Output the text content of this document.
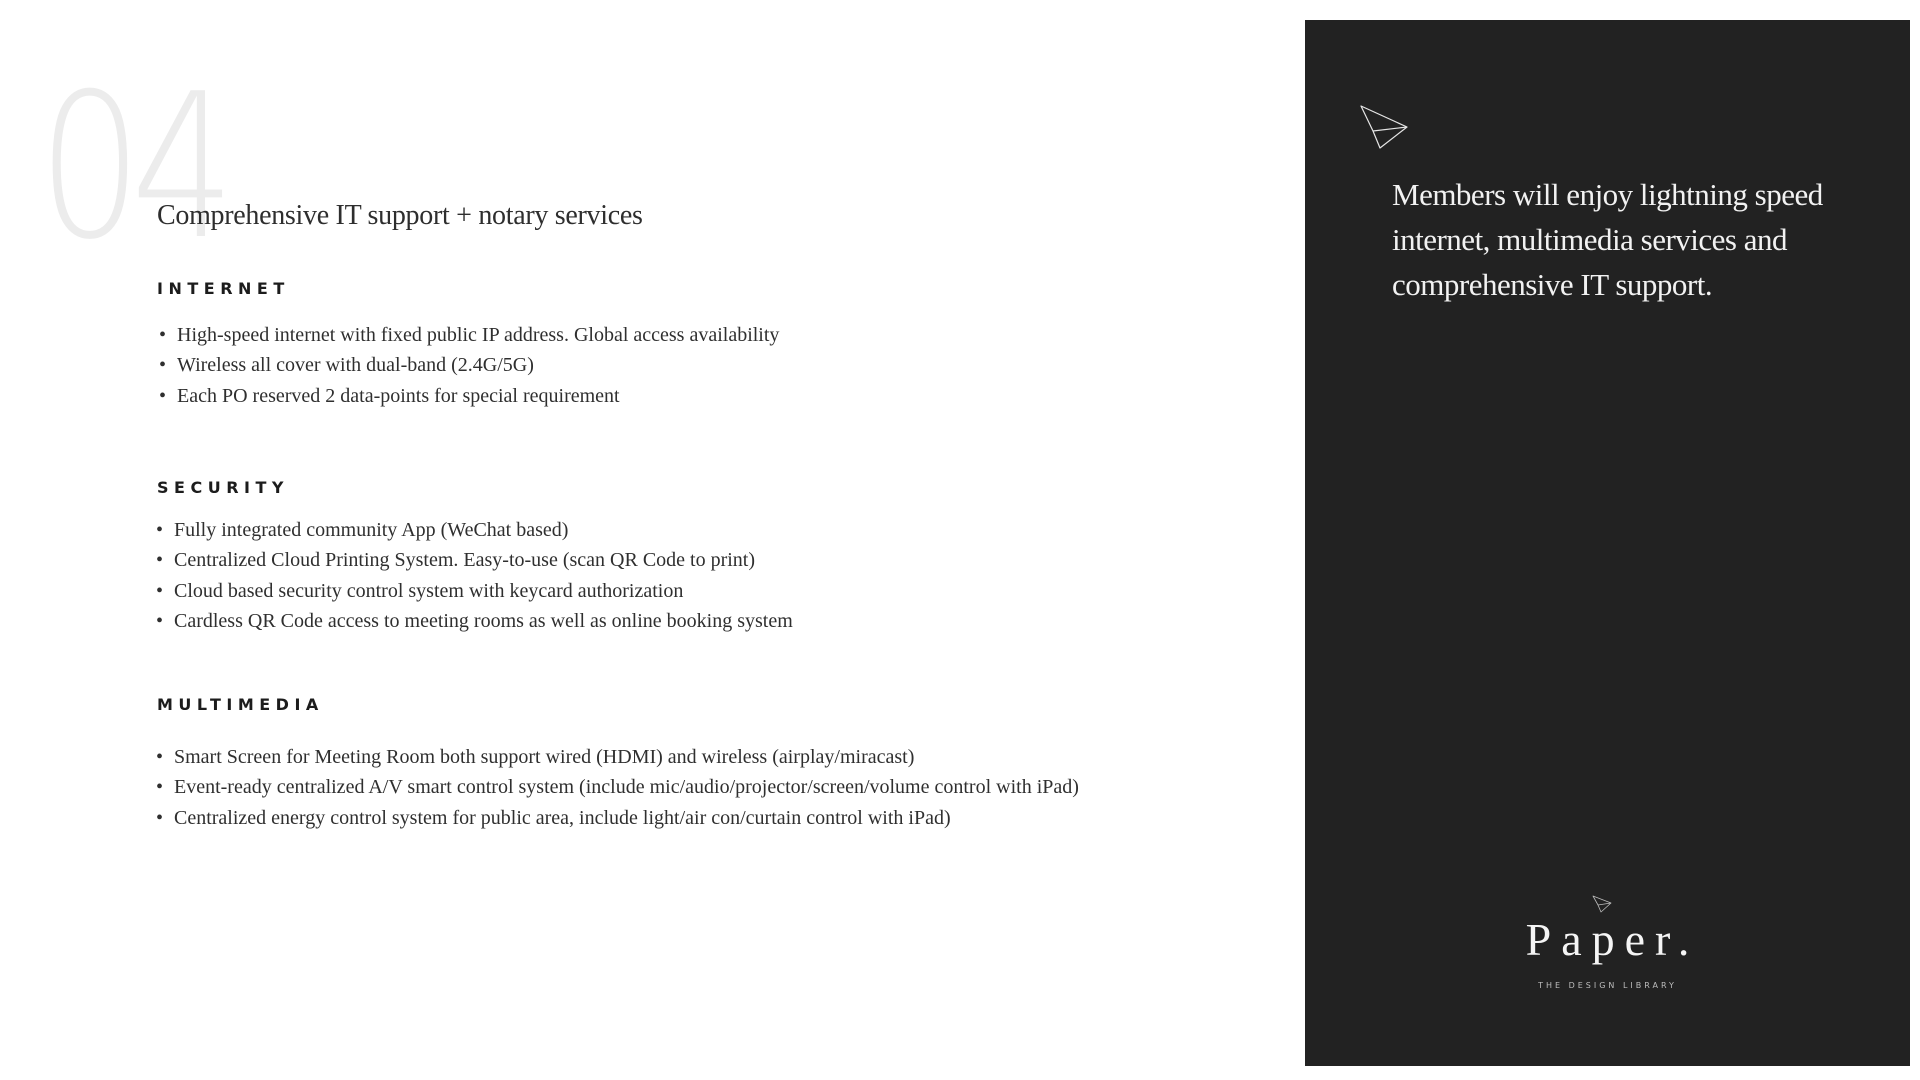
04
Comprehensive IT support + notary services
INTERNET
• High-speed internet with fixed public IP address. Global access availability
• Wireless all cover with dual-band (2.4G/5G)
• Each PO reserved 2 data-points for special requirement
SECURITY
• Fully integrated community App (WeChat based)
• Centralized Cloud Printing System. Easy-to-use (scan QR Code to print)
• Cloud based security control system with keycard authorization
• Cardless QR Code access to meeting rooms as well as online booking system
MULTIMEDIA
• Smart Screen for Meeting Room both support wired (HDMI) and wireless (airplay/miracast)
• Event-ready centralized A/V smart control system (include mic/audio/projector/screen/volume control with iPad)
• Centralized energy control system for public area, include light/air con/curtain control with iPad)
Members will enjoy lightning speed internet, multimedia services and comprehensive IT support.
Paper.
THE DESIGN LIBRARY
